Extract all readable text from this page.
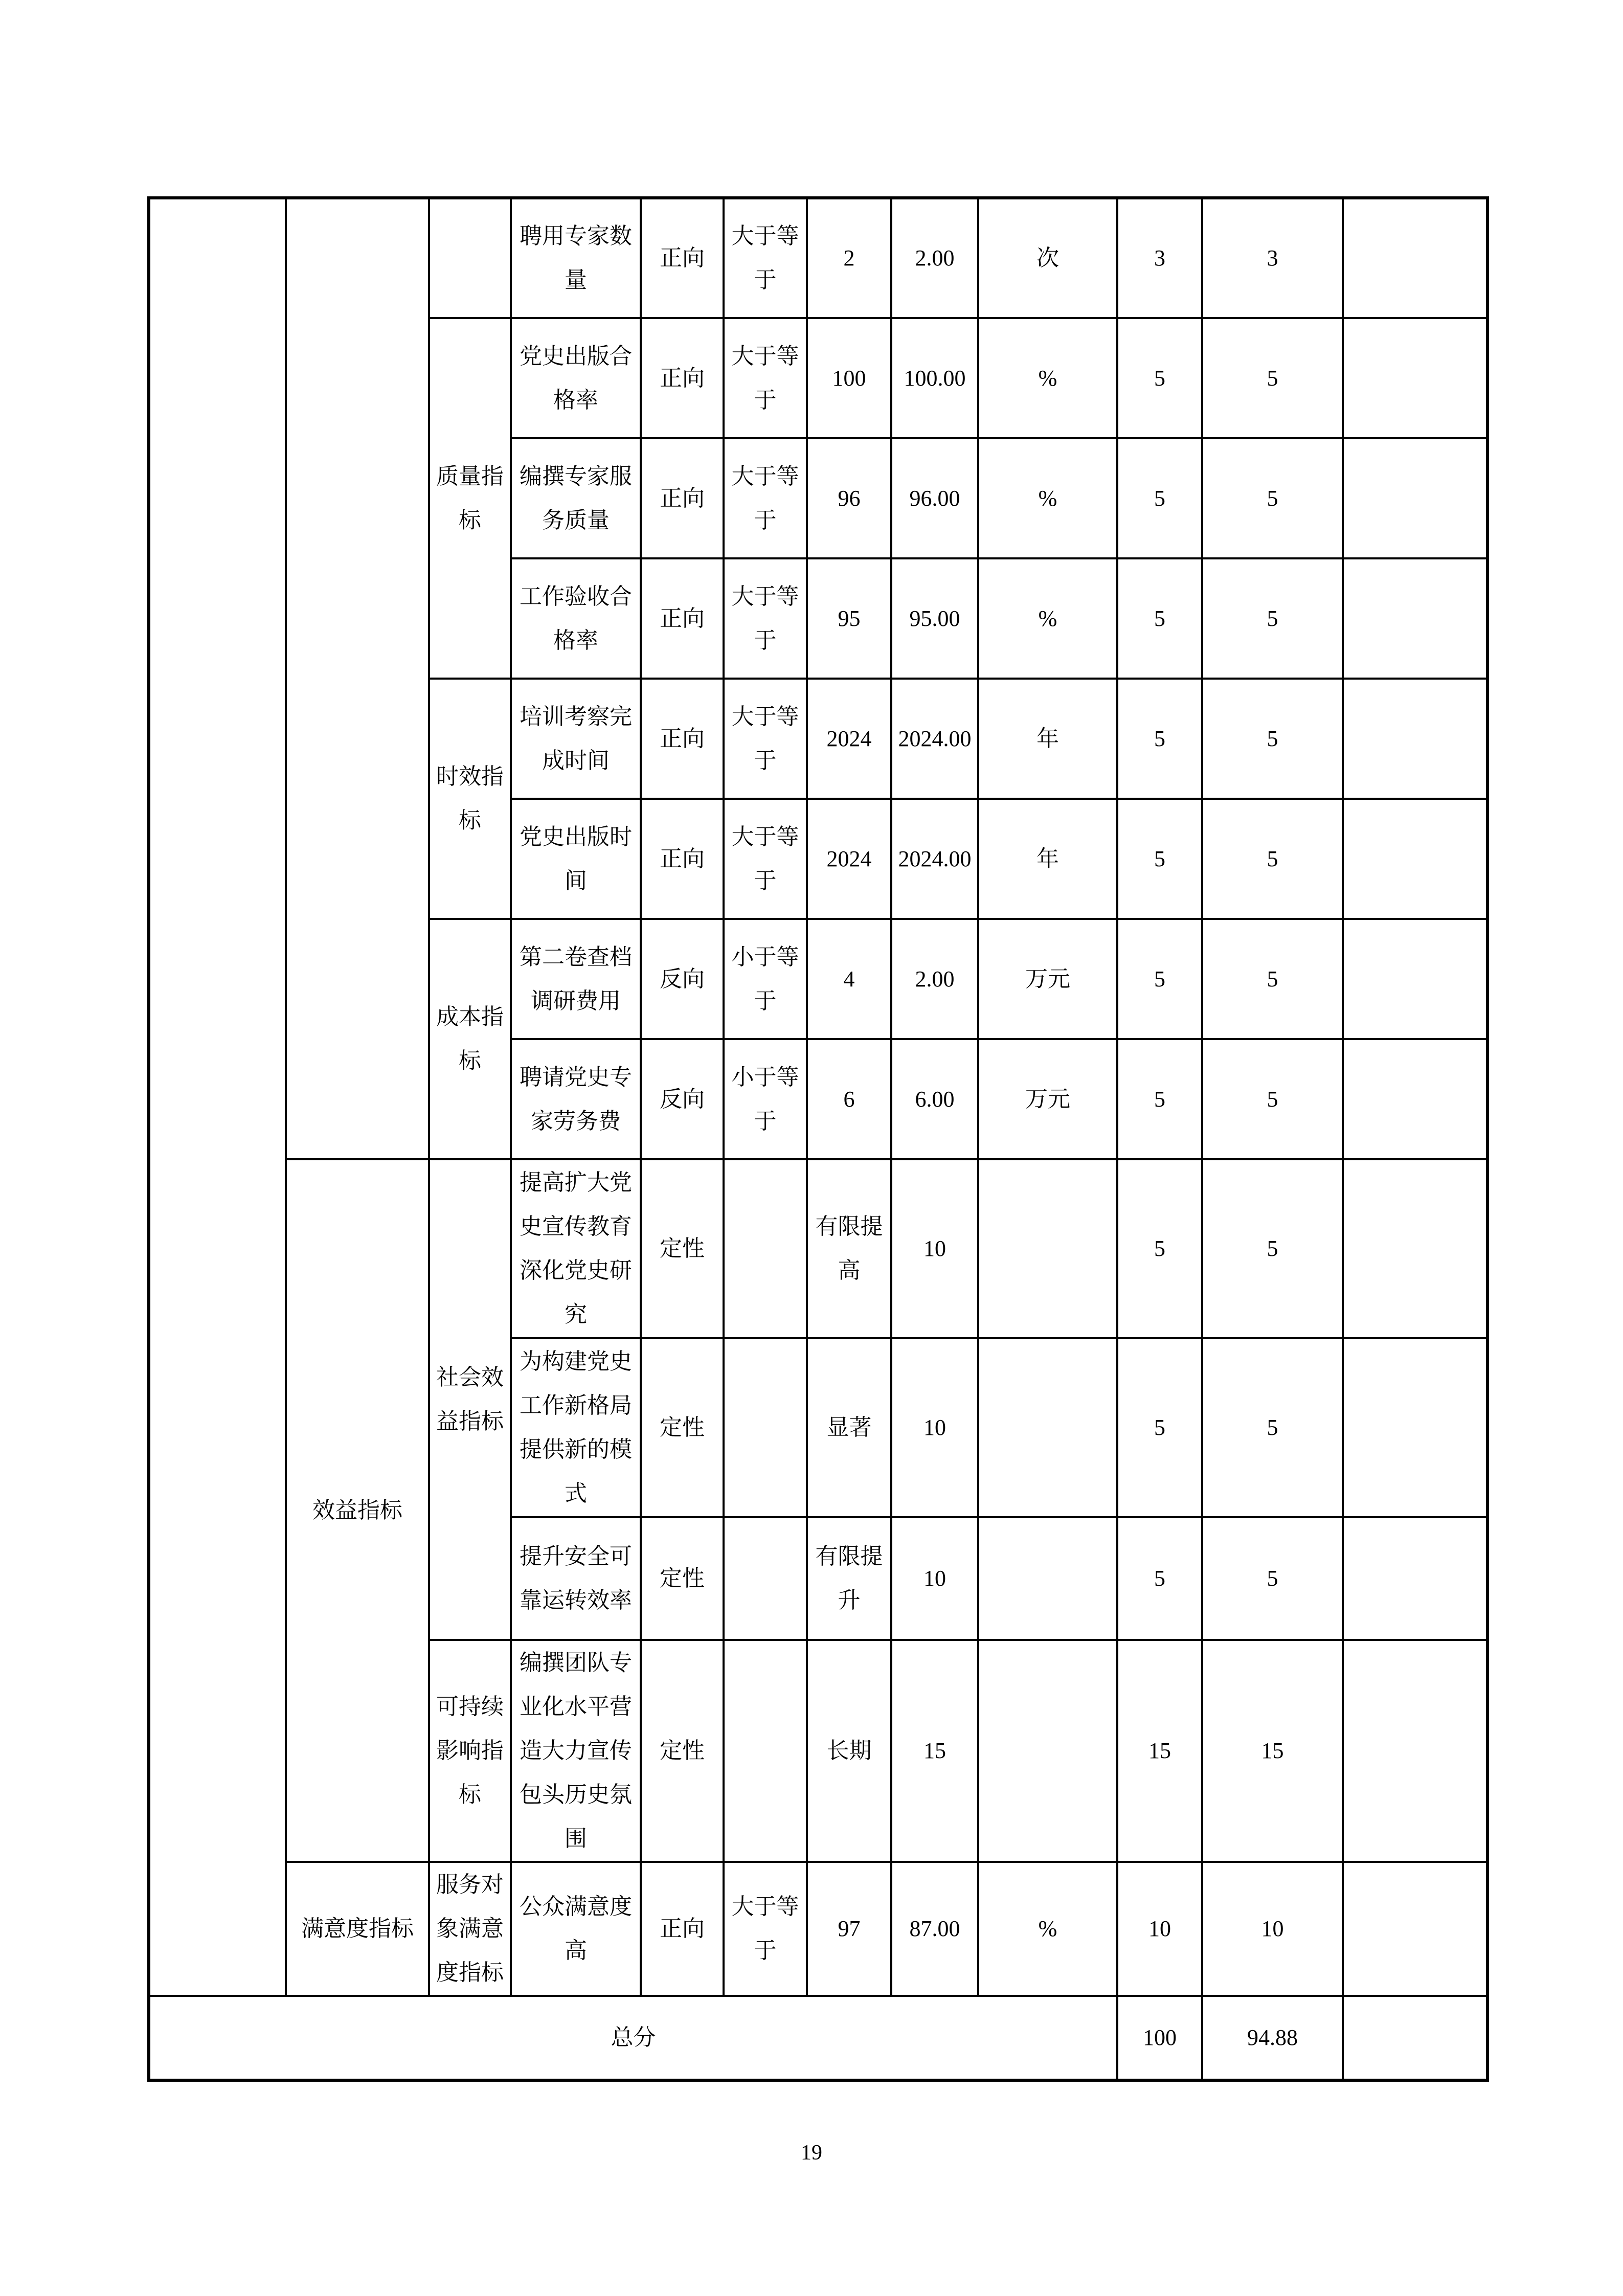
			聘用专家数量	正向	大于等于	2	2.00	次	3	3	
		质量指标	党史出版合格率	正向	大于等于	100	100.00	%	5	5	
			编撰专家服务质量	正向	大于等于	96	96.00	%	5	5	
			工作验收合格率	正向	大于等于	95	95.00	%	5	5	
		时效指标	培训考察完成时间	正向	大于等于	2024	2024.00	年	5	5	
			党史出版时间	正向	大于等于	2024	2024.00	年	5	5	
		成本指标	第二卷查档调研费用	反向	小于等于	4	2.00	万元	5	5	
			聘请党史专家劳务费	反向	小于等于	6	6.00	万元	5	5	
	效益指标	社会效益指标	提高扩大党史宣传教育深化党史研究	定性		有限提高	10		5	5	
			为构建党史工作新格局提供新的模式	定性		显著	10		5	5	
			提升安全可靠运转效率	定性		有限提升	10		5	5	
		可持续影响指标	编撰团队专业化水平营造大力宣传包头历史氛围	定性		长期	15		15	15	
	满意度指标	服务对象满意度指标	公众满意度高	正向	大于等于	97	87.00	%	10	10	
总分									100	94.88	
19
